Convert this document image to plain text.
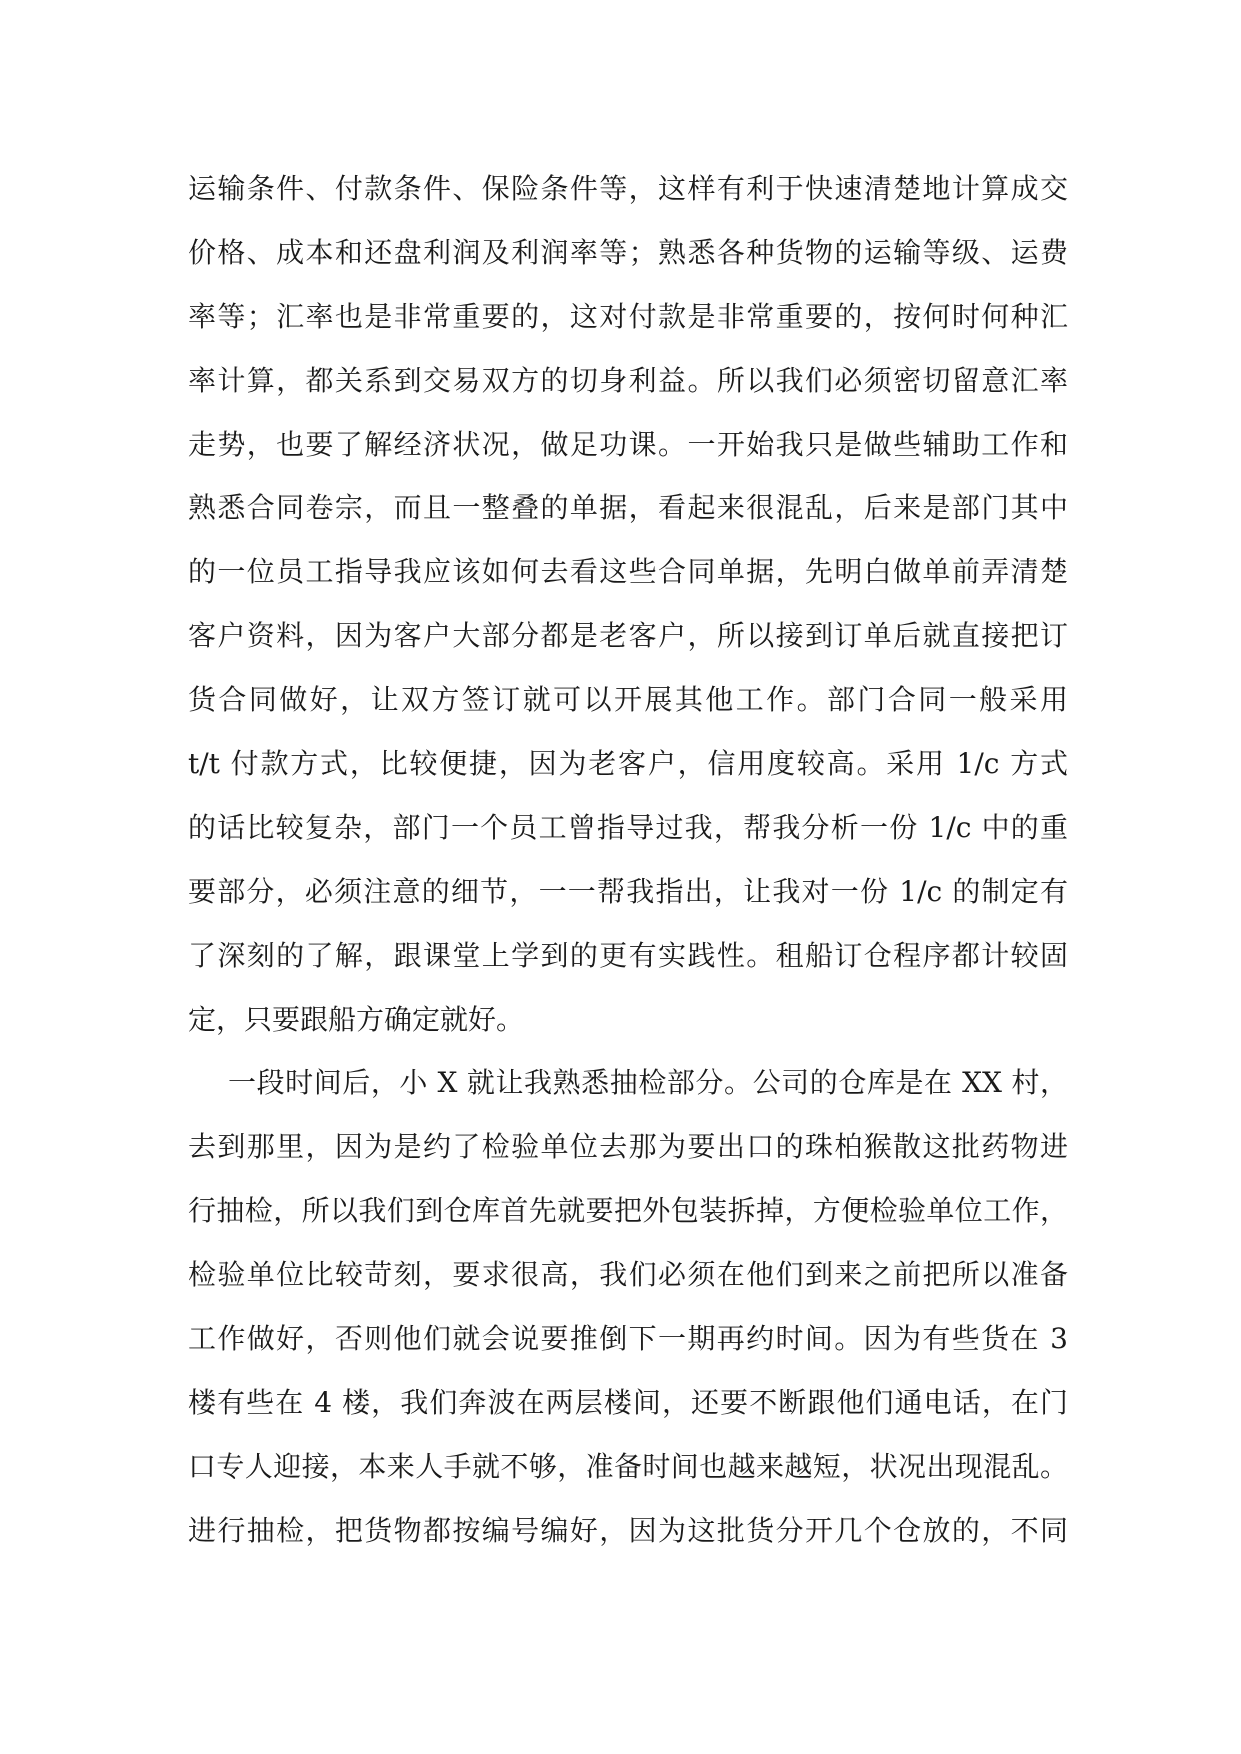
运输条件、付款条件、保险条件等，这样有利于快速清楚地计算成交
价格、成本和还盘利润及利润率等；熟悉各种货物的运输等级、运费
率等；汇率也是非常重要的，这对付款是非常重要的，按何时何种汇
率计算，都关系到交易双方的切身利益。所以我们必须密切留意汇率
走势，也要了解经济状况，做足功课。一开始我只是做些辅助工作和
熟悉合同卷宗，而且一整叠的单据，看起来很混乱，后来是部门其中
的一位员工指导我应该如何去看这些合同单据，先明白做单前弄清楚
客户资料，因为客户大部分都是老客户，所以接到订单后就直接把订
货合同做好，让双方签订就可以开展其他工作。部门合同一般采用
t/t 付款方式，比较便捷，因为老客户，信用度较高。采用 1/c 方式
的话比较复杂，部门一个员工曾指导过我，帮我分析一份 1/c 中的重
要部分，必须注意的细节，一一帮我指出，让我对一份 1/c 的制定有
了深刻的了解，跟课堂上学到的更有实践性。租船订仓程序都计较固
定，只要跟船方确定就好。
一段时间后，小 X 就让我熟悉抽检部分。公司的仓库是在 XX 村，
去到那里，因为是约了检验单位去那为要出口的珠柏猴散这批药物进
行抽检，所以我们到仓库首先就要把外包装拆掉，方便检验单位工作，
检验单位比较苛刻，要求很高，我们必须在他们到来之前把所以准备
工作做好，否则他们就会说要推倒下一期再约时间。因为有些货在 3
楼有些在 4 楼，我们奔波在两层楼间，还要不断跟他们通电话，在门
口专人迎接，本来人手就不够，准备时间也越来越短，状况出现混乱。
进行抽检，把货物都按编号编好，因为这批货分开几个仓放的，不同
